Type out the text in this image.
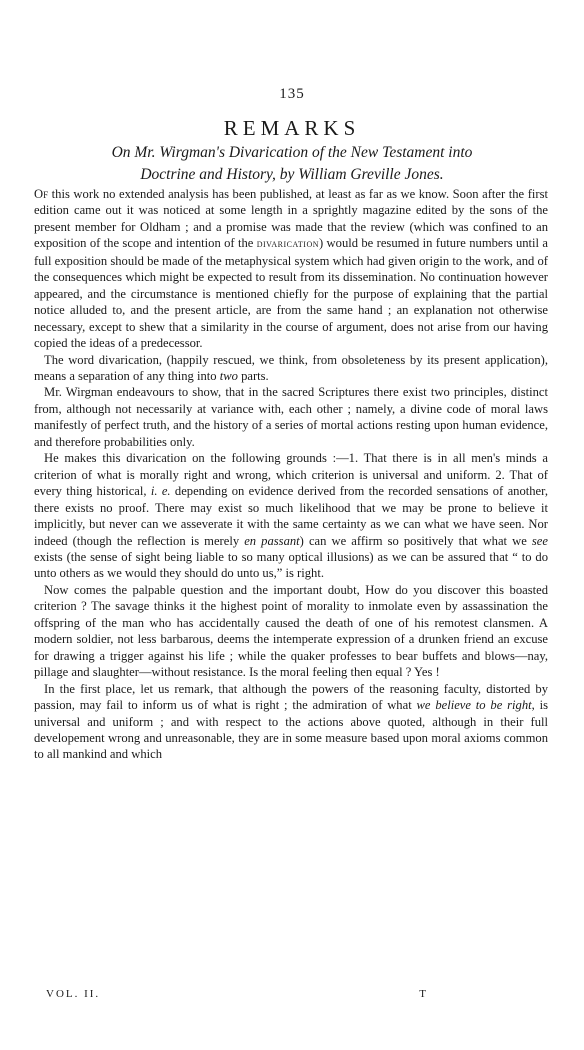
135
REMARKS
On Mr. Wirgman's Divarication of the New Testament into
Doctrine and History, by William Greville Jones.

Of this work no extended analysis has been published, at least as far as we know. Soon after the first edition came out it was noticed at some length in a sprightly magazine edited by the sons of the present member for Oldham ; and a promise was made that the review (which was confined to an exposition of the scope and intention of the divarication) would be resumed in future numbers until a full exposition should be made of the metaphysical system which had given origin to the work, and of the consequences which might be expected to result from its dissemination. No continuation however appeared, and the circumstance is mentioned chiefly for the purpose of explaining that the partial notice alluded to, and the present article, are from the same hand ; an explanation not otherwise necessary, except to shew that a similarity in the course of argument, does not arise from our having copied the ideas of a predecessor.

The word divarication, (happily rescued, we think, from obsoleteness by its present application), means a separation of any thing into two parts.

Mr. Wirgman endeavours to show, that in the sacred Scriptures there exist two principles, distinct from, although not necessarily at variance with, each other ; namely, a divine code of moral laws manifestly of perfect truth, and the history of a series of mortal actions resting upon human evidence, and therefore probabilities only.

He makes this divarication on the following grounds :—1. That there is in all men's minds a criterion of what is morally right and wrong, which criterion is universal and uniform. 2. That of every thing historical, i. e. depending on evidence derived from the recorded sensations of another, there exists no proof. There may exist so much likelihood that we may be prone to believe it implicitly, but never can we asseverate it with the same certainty as we can what we have seen. Nor indeed (though the reflection is merely en passant) can we affirm so positively that what we see exists (the sense of sight being liable to so many optical illusions) as we can be assured that “ to do unto others as we would they should do unto us,” is right.

Now comes the palpable question and the important doubt, How do you discover this boasted criterion ? The savage thinks it the highest point of morality to inmolate even by assassination the offspring of the man who has accidentally caused the death of one of his remotest clansmen. A modern soldier, not less barbarous, deems the intemperate expression of a drunken friend an excuse for drawing a trigger against his life ; while the quaker professes to bear buffets and blows—nay, pillage and slaughter—without resistance. Is the moral feeling then equal ? Yes !

In the first place, let us remark, that although the powers of the reasoning faculty, distorted by passion, may fail to inform us of what is right ; the admiration of what we believe to be right, is universal and uniform ; and with respect to the actions above quoted, although in their full developement wrong and unreasonable, they are in some measure based upon moral axioms common to all mankind and which

VOL. II.	T
